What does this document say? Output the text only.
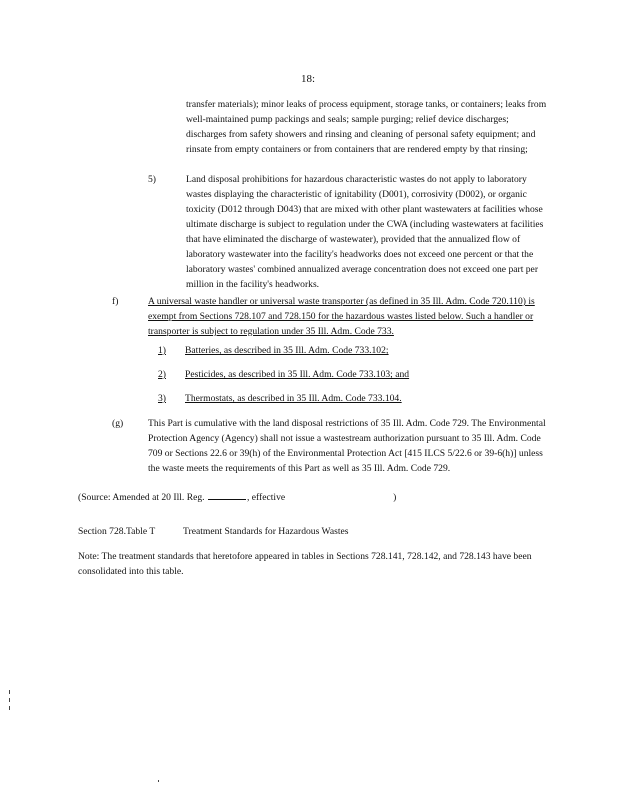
18:
transfer materials); minor leaks of process equipment, storage tanks, or containers; leaks from well-maintained pump packings and seals; sample purging; relief device discharges; discharges from safety showers and rinsing and cleaning of personal safety equipment; and rinsate from empty containers or from containers that are rendered empty by that rinsing;
5)	Land disposal prohibitions for hazardous characteristic wastes do not apply to laboratory wastes displaying the characteristic of ignitability (D001), corrosivity (D002), or organic toxicity (D012 through D043) that are mixed with other plant wastewaters at facilities whose ultimate discharge is subject to regulation under the CWA (including wastewaters at facilities that have eliminated the discharge of wastewater), provided that the annualized flow of laboratory wastewater into the facility's headworks does not exceed one percent or that the laboratory wastes' combined annualized average concentration does not exceed one part per million in the facility's headworks.
f)	A universal waste handler or universal waste transporter (as defined in 35 Ill. Adm. Code 720.110) is exempt from Sections 728.107 and 728.150 for the hazardous wastes listed below. Such a handler or transporter is subject to regulation under 35 Ill. Adm. Code 733.
1) Batteries, as described in 35 Ill. Adm. Code 733.102;
2) Pesticides, as described in 35 Ill. Adm. Code 733.103; and
3) Thermostats, as described in 35 Ill. Adm. Code 733.104.
(g)	This Part is cumulative with the land disposal restrictions of 35 Ill. Adm. Code 729. The Environmental Protection Agency (Agency) shall not issue a wastestream authorization pursuant to 35 Ill. Adm. Code 709 or Sections 22.6 or 39(h) of the Environmental Protection Act [415 ILCS 5/22.6 or 39-6(h)] unless the waste meets the requirements of this Part as well as 35 Ill. Adm. Code 729.
(Source: Amended at 20 Ill. Reg.	, effective	)
Section 728.Table T	Treatment Standards for Hazardous Wastes
Note: The treatment standards that heretofore appeared in tables in Sections 728.141, 728.142, and 728.143 have been consolidated into this table.
